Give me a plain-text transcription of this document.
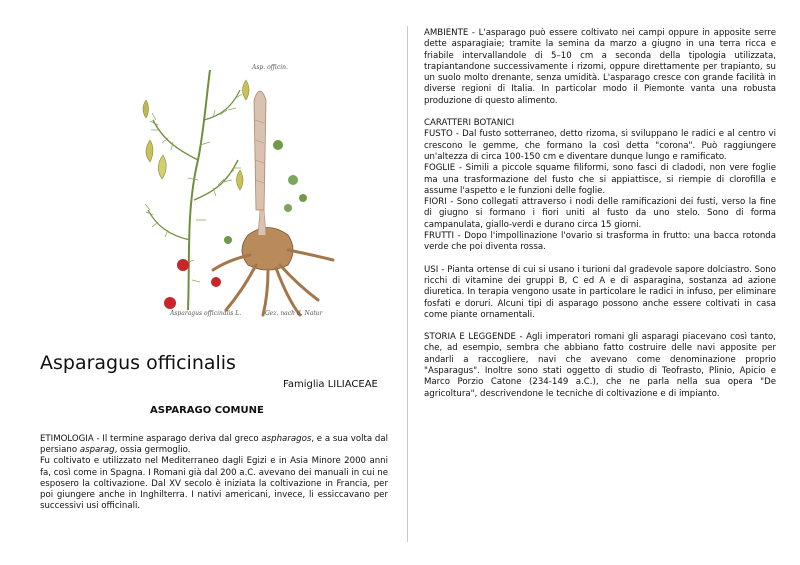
Asp. officin.
Asparagus officinalis L.	Gez. nach d. Natur
Asparagus officinalis
Famiglia LILIACEAE
ASPARAGO COMUNE

ETIMOLOGIA - Il termine asparago deriva dal greco aspharagos, e a sua volta dal persiano asparag, ossia germoglio.

Fu coltivato e utilizzato nel Mediterraneo dagli Egizi e in Asia Minore 2000 anni fa, così come in Spagna. I Romani già dal 200 a.C. avevano dei manuali in cui ne esposero la coltivazione. Dal XV secolo è iniziata la coltivazione in Francia, per poi giungere anche in Inghilterra. I nativi americani, invece, li essiccavano per successivi usi officinali.

AMBIENTE - L'asparago può essere coltivato nei campi oppure in apposite serre dette asparagiaie; tramite la semina da marzo a giugno in una terra ricca e friabile intervallandole di 5–10 cm a seconda della tipologia utilizzata, trapiantandone successivamente i rizomi, oppure direttamente per trapianto, su un suolo molto drenante, senza umidità. L'asparago cresce con grande facilità in diverse regioni di Italia. In particolar modo il Piemonte vanta una robusta produzione di questo alimento.

CARATTERI BOTANICI

FUSTO - Dal fusto sotterraneo, detto rizoma, si sviluppano le radici e al centro vi crescono le gemme, che formano la così detta "corona". Può raggiungere un'altezza di circa 100-150 cm e diventare dunque lungo e ramificato.

FOGLIE - Simili a piccole squame filiformi, sono fasci di cladodi, non vere foglie ma una trasformazione del fusto che si appiattisce, si riempie di clorofilla e assume l'aspetto e le funzioni delle foglie.

FIORI - Sono collegati attraverso i nodi delle ramificazioni dei fusti, verso la fine di giugno si formano i fiori uniti al fusto da uno stelo. Sono di forma campanulata, giallo-verdi e durano circa 15 giorni.

FRUTTI - Dopo l'impollinazione l'ovario si trasforma in frutto: una bacca rotonda verde che poi diventa rossa.

USI - Pianta ortense di cui si usano i turioni dal gradevole sapore dolciastro. Sono ricchi di vitamine dei gruppi B, C ed A e di asparagina, sostanza ad azione diuretica. In terapia vengono usate in particolare le radici in infuso, per eliminare fosfati e doruri. Alcuni tipi di asparago possono anche essere coltivati in casa come piante ornamentali.

STORIA E LEGGENDE - Agli imperatori romani gli asparagi piacevano così tanto, che, ad esempio, sembra che abbiano fatto costruire delle navi apposite per andarli a raccogliere, navi che avevano come denominazione proprio "Asparagus". Inoltre sono stati oggetto di studio di Teofrasto, Plinio, Apicio e Marco Porzio Catone (234-149 a.C.), che ne parla nella sua opera "De agricoltura", descrivendone le tecniche di coltivazione e di impianto.
